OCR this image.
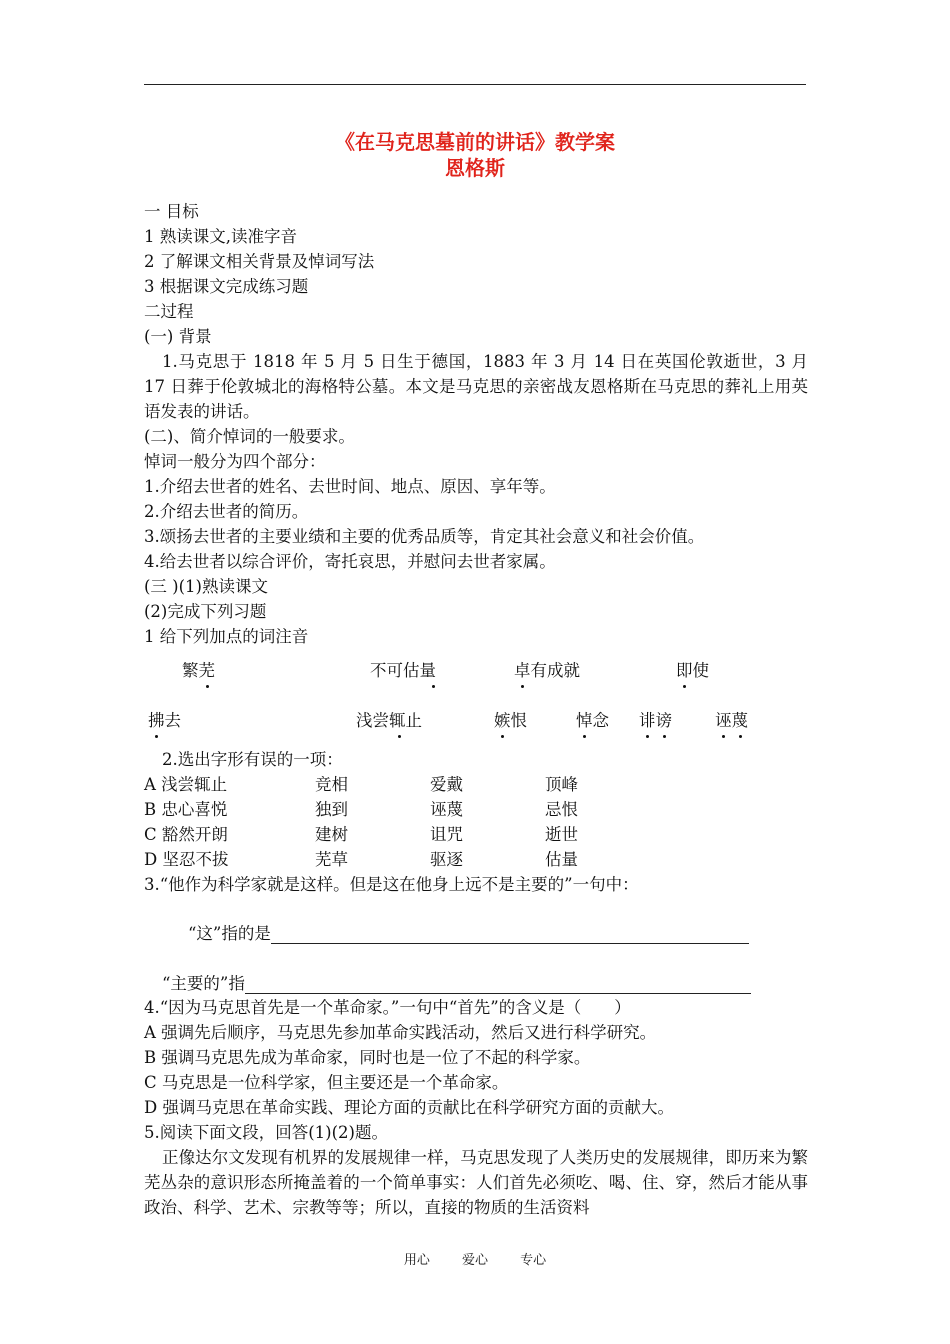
《在马克思墓前的讲话》教学案
恩格斯
一 目标
1 熟读课文,读准字音
2 了解课文相关背景及悼词写法
3 根据课文完成练习题
二过程
(一) 背景
1.马克思于 1818 年 5 月 5 日生于德国，1883 年 3 月 14 日在英国伦敦逝世，3 月 17 日葬于伦敦城北的海格特公墓。本文是马克思的亲密战友恩格斯在马克思的葬礼上用英语发表的讲话。
(二)、简介悼词的一般要求。
悼词一般分为四个部分：
1.介绍去世者的姓名、去世时间、地点、原因、享年等。
2.介绍去世者的简历。
3.颂扬去世者的主要业绩和主要的优秀品质等，肯定其社会意义和社会价值。
4.给去世者以综合评价，寄托哀思，并慰问去世者家属。
(三 )(1)熟读课文
(2)完成下列习题
1 给下列加点的词注音
繁芜	不可估量	卓有成就	即使
拂去	浅尝辄止	嫉恨	悼念 诽谤	诬蔑
2.选出字形有误的一项：
A 浅尝辄止	竞相	爱戴	顶峰
B 忠心喜悦	独到	诬蔑	忌恨
C 豁然开朗	建树	诅咒	逝世
D 坚忍不拔	芜草	驱逐	估量
3.“他作为科学家就是这样。但是这在他身上远不是主要的”一句中：
“这”指的是
“主要的”指
4.“因为马克思首先是一个革命家。”一句中“首先”的含义是（　　）
A 强调先后顺序，马克思先参加革命实践活动，然后又进行科学研究。
B 强调马克思先成为革命家，同时也是一位了不起的科学家。
C 马克思是一位科学家，但主要还是一个革命家。
D 强调马克思在革命实践、理论方面的贡献比在科学研究方面的贡献大。
5.阅读下面文段，回答(1)(2)题。
正像达尔文发现有机界的发展规律一样，马克思发现了人类历史的发展规律，即历来为繁芜丛杂的意识形态所掩盖着的一个简单事实：人们首先必须吃、喝、住、穿，然后才能从事政治、科学、艺术、宗教等等；所以，直接的物质的生活资料
用心 爱心 专心
